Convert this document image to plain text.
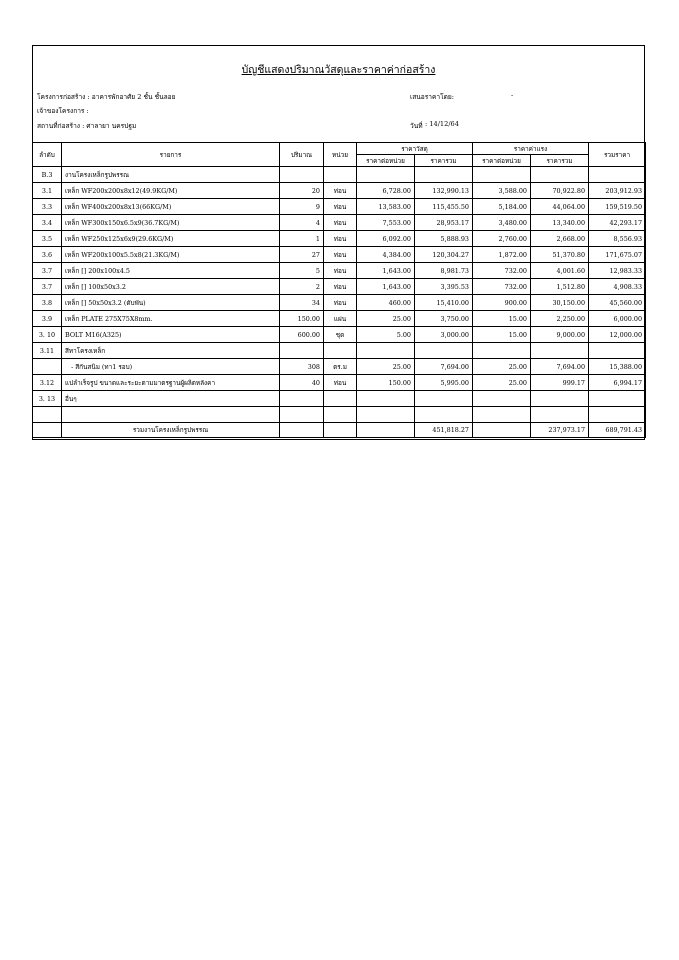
บัญชีแสดงปริมาณวัสดุและราคาค่าก่อสร้าง
โครงการก่อสร้าง : อาคารพักอาศัย 2 ชั้น ชั้นลอย
เจ้าของโครงการ :
สถานที่ก่อสร้าง : ศาลายา นครปฐม
เสนอราคาโดย:	-
วันที่ : 14/12/64
ลำดับ	รายการ	ปริมาณ	หน่วย	ราคาวัสดุ		ราคาค่าแรง		รวมราคา
				ราคาต่อหน่วย	ราคารวม	ราคาต่อหน่วย	ราคารวม	
B.3	งานโครงเหล็กรูปพรรณ							
3.1	เหล็ก WF200x200x8x12(49.9KG/M)	20	ท่อน	6,728.00	132,990.13	3,588.00	70,922.80	203,912.93
3.3	เหล็ก WF400x200x8x13(66KG/M)	9	ท่อน	13,583.00	115,455.50	5,184.00	44,064.00	159,519.50
3.4	เหล็ก WF300x150x6.5x9(36.7KG/M)	4	ท่อน	7,553.00	28,953.17	3,480.00	13,340.00	42,293.17
3.5	เหล็ก WF250x125x6x9(29.6KG/M)	1	ท่อน	6,092.00	5,888.93	2,760.00	2,668.00	8,556.93
3.6	เหล็ก WF200x100x5.5x8(21.3KG/M)	27	ท่อน	4,384.00	120,304.27	1,872.00	51,370.80	171,675.07
3.7	เหล็ก [] 200x100x4.5	5	ท่อน	1,643.00	8,981.73	732.00	4,001.60	12,983.33
3.7	เหล็ก [] 100x50x3.2	2	ท่อน	1,643.00	3,395.53	732.00	1,512.80	4,908.33
3.8	เหล็ก [] 50x50x3.2 (ดับพัน)	34	ท่อน	460.00	15,410.00	900.00	30,150.00	45,560.00
3.9	เหล็ก PLATE 275X75X8mm.	150.00	แผ่น	25.00	3,750.00	15.00	2,250.00	6,000.00
3. 10	BOLT M16(A325)	600.00	ชุด	5.00	3,000.00	15.00	9,000.00	12,000.00
3.11	สีทาโครงเหล็ก							
	- สีกันสนิม (ทา1 รอบ)	308	ตร.ม	25.00	7,694.00	25.00	7,694.00	15,388.00
3.12	แปลำเร็จรูป ขนาดและระยะตามมาตรฐานผู้ผลิตหลังคา	40	ท่อน	150.00	5,995.00	25.00	999.17	6,994.17
3. 13	อื่นๆ							

	รวมงานโครงเหล็กรูปพรรณ				451,818.27		237,973.17	689,791.43
